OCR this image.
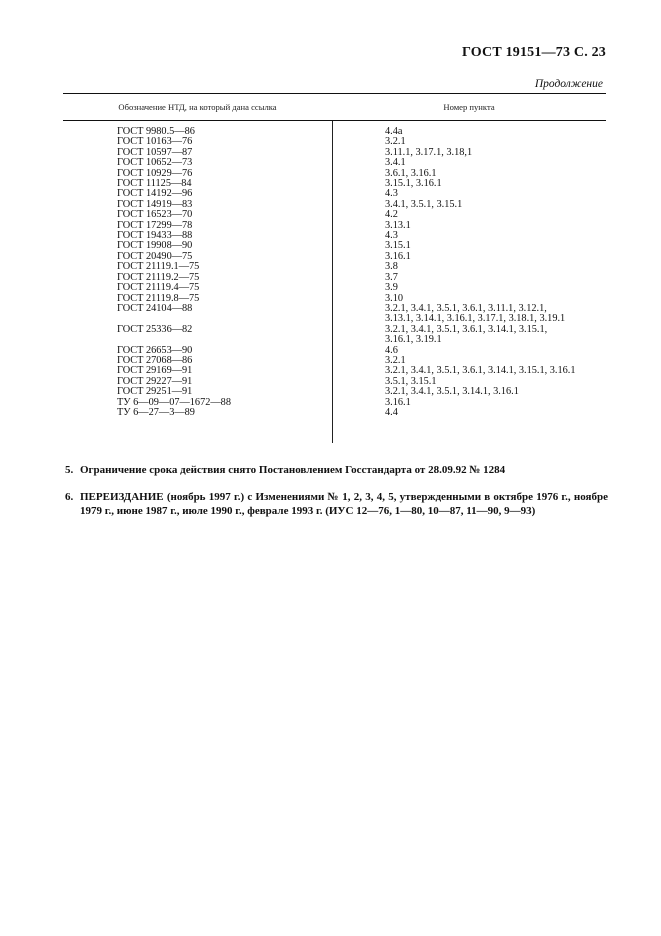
ГОСТ 19151—73 С. 23
Продолжение
Обозначение НТД, на который дана ссылка	Номер пункта
ГОСТ 9980.5—86	4.4а
ГОСТ 10163—76	3.2.1
ГОСТ 10597—87	3.11.1, 3.17.1, 3.18,1
ГОСТ 10652—73	3.4.1
ГОСТ 10929—76	3.6.1, 3.16.1
ГОСТ 11125—84	3.15.1, 3.16.1
ГОСТ 14192—96	4.3
ГОСТ 14919—83	3.4.1, 3.5.1, 3.15.1
ГОСТ 16523—70	4.2
ГОСТ 17299—78	3.13.1
ГОСТ 19433—88	4.3
ГОСТ 19908—90	3.15.1
ГОСТ 20490—75	3.16.1
ГОСТ 21119.1—75	3.8
ГОСТ 21119.2—75	3.7
ГОСТ 21119.4—75	3.9
ГОСТ 21119.8—75	3.10
ГОСТ 24104—88	3.2.1, 3.4.1, 3.5.1, 3.6.1, 3.11.1, 3.12.1,
3.13.1, 3.14.1, 3.16.1, 3.17.1, 3.18.1, 3.19.1
ГОСТ 25336—82	3.2.1, 3.4.1, 3.5.1, 3.6.1, 3.14.1, 3.15.1,
3.16.1, 3.19.1
ГОСТ 26653—90	4.6
ГОСТ 27068—86	3.2.1
ГОСТ 29169—91	3.2.1, 3.4.1, 3.5.1, 3.6.1, 3.14.1, 3.15.1, 3.16.1
ГОСТ 29227—91	3.5.1, 3.15.1
ГОСТ 29251—91	3.2.1, 3.4.1, 3.5.1, 3.14.1, 3.16.1
ТУ 6—09—07—1672—88	3.16.1
ТУ 6—27—3—89	4.4
5. Ограничение срока действия снято Постановлением Госстандарта от 28.09.92 № 1284
6. ПЕРЕИЗДАНИЕ (ноябрь 1997 г.) с Изменениями № 1, 2, 3, 4, 5, утвержденными в октябре 1976 г., ноябре 1979 г., июне 1987 г., июле 1990 г., феврале 1993 г. (ИУС 12—76, 1—80, 10—87, 11—90, 9—93)
